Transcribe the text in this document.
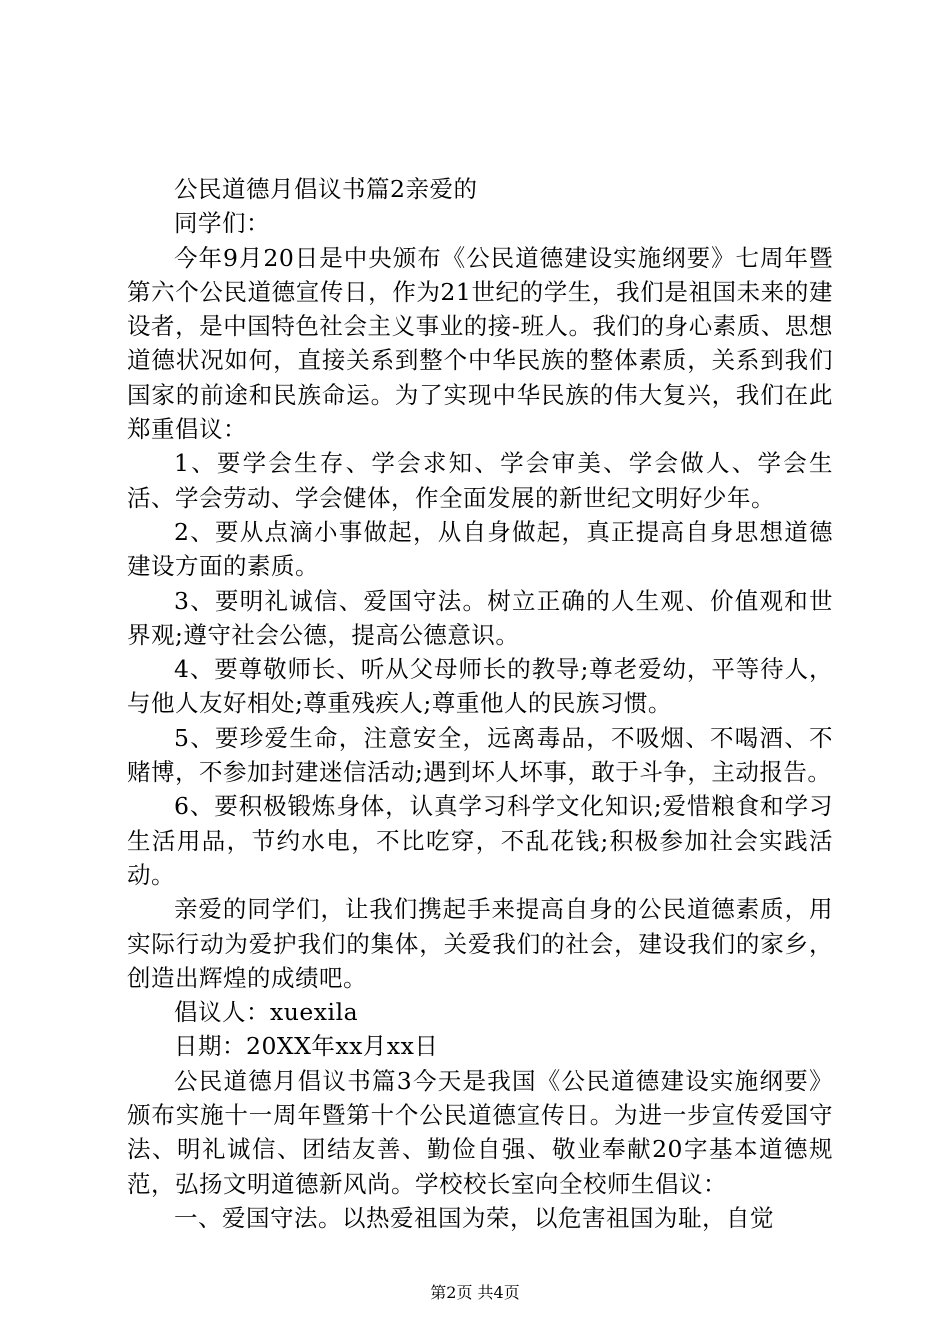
公民道德月倡议书篇2亲爱的

同学们：

今年9月20日是中央颁布《公民道德建设实施纲要》七周年暨第六个公民道德宣传日，作为21世纪的学生，我们是祖国未来的建设者，是中国特色社会主义事业的接-班人。我们的身心素质、思想道德状况如何，直接关系到整个中华民族的整体素质，关系到我们国家的前途和民族命运。为了实现中华民族的伟大复兴，我们在此郑重倡议：

1、要学会生存、学会求知、学会审美、学会做人、学会生活、学会劳动、学会健体，作全面发展的新世纪文明好少年。

2、要从点滴小事做起，从自身做起，真正提高自身思想道德建设方面的素质。

3、要明礼诚信、爱国守法。树立正确的人生观、价值观和世界观;遵守社会公德，提高公德意识。

4、要尊敬师长、听从父母师长的教导;尊老爱幼，平等待人，与他人友好相处;尊重残疾人;尊重他人的民族习惯。

5、要珍爱生命，注意安全，远离毒品，不吸烟、不喝酒、不赌博，不参加封建迷信活动;遇到坏人坏事，敢于斗争，主动报告。

6、要积极锻炼身体，认真学习科学文化知识;爱惜粮食和学习生活用品，节约水电，不比吃穿，不乱花钱;积极参加社会实践活动。

亲爱的同学们，让我们携起手来提高自身的公民道德素质，用实际行动为爱护我们的集体，关爱我们的社会，建设我们的家乡，创造出辉煌的成绩吧。

倡议人：xuexila

日期：20XX年xx月xx日

公民道德月倡议书篇3今天是我国《公民道德建设实施纲要》颁布实施十一周年暨第十个公民道德宣传日。为进一步宣传爱国守法、明礼诚信、团结友善、勤俭自强、敬业奉献20字基本道德规范，弘扬文明道德新风尚。学校校长室向全校师生倡议：

一、爱国守法。以热爱祖国为荣，以危害祖国为耻，自觉

第2页 共4页
